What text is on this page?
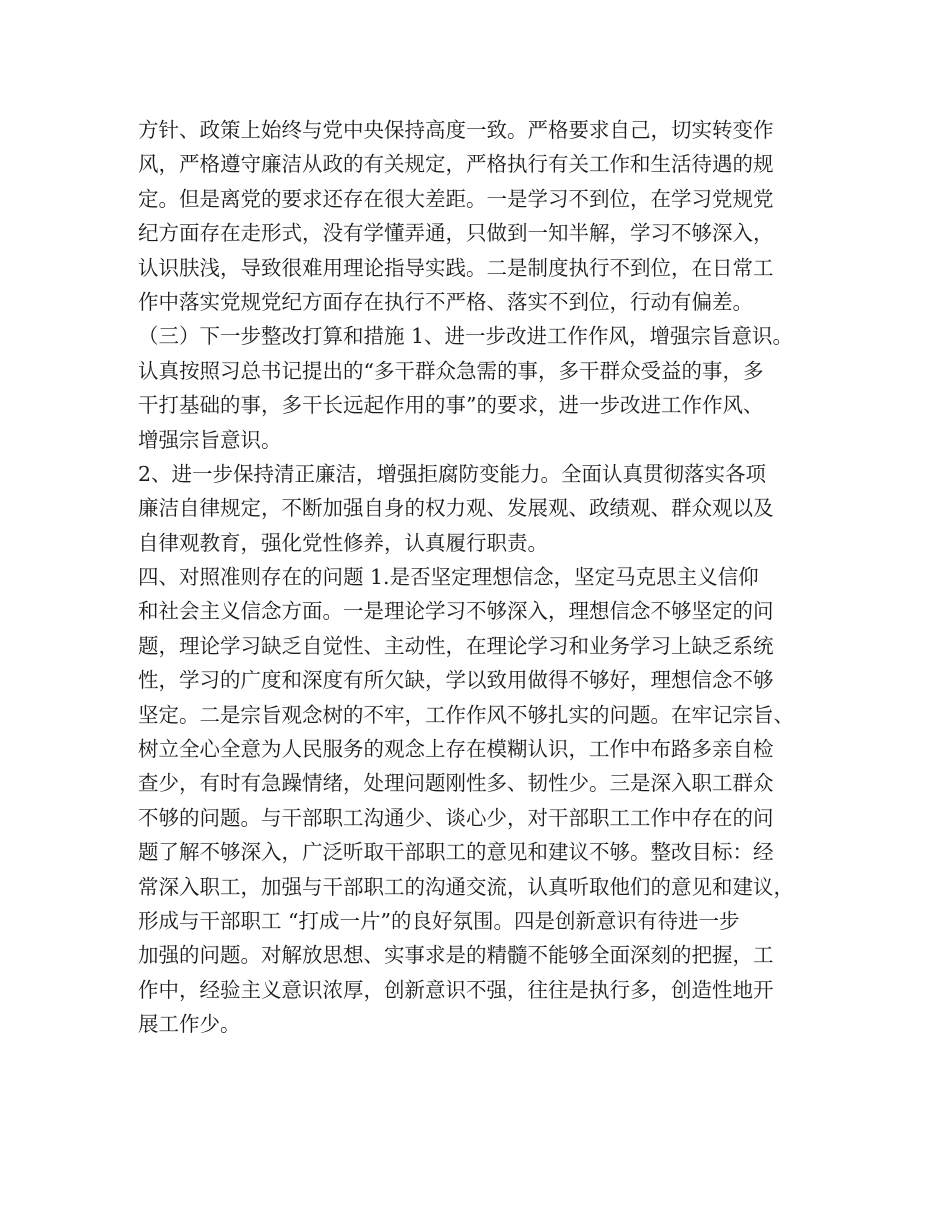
方针、政策上始终与党中央保持高度一致。严格要求自己，切实转变作
风，严格遵守廉洁从政的有关规定，严格执行有关工作和生活待遇的规
定。但是离党的要求还存在很大差距。一是学习不到位，在学习党规党
纪方面存在走形式，没有学懂弄通，只做到一知半解，学习不够深入，
认识肤浅，导致很难用理论指导实践。二是制度执行不到位，在日常工
作中落实党规党纪方面存在执行不严格、落实不到位，行动有偏差。
（三）下一步整改打算和措施 1、进一步改进工作作风，增强宗旨意识。
认真按照习总书记提出的“多干群众急需的事，多干群众受益的事，多
干打基础的事，多干长远起作用的事”的要求，进一步改进工作作风、
增强宗旨意识。
2、进一步保持清正廉洁，增强拒腐防变能力。全面认真贯彻落实各项
廉洁自律规定，不断加强自身的权力观、发展观、政绩观、群众观以及
自律观教育，强化党性修养，认真履行职责。
四、对照准则存在的问题 1.是否坚定理想信念，坚定马克思主义信仰
和社会主义信念方面。一是理论学习不够深入，理想信念不够坚定的问
题，理论学习缺乏自觉性、主动性，在理论学习和业务学习上缺乏系统
性，学习的广度和深度有所欠缺，学以致用做得不够好，理想信念不够
坚定。二是宗旨观念树的不牢，工作作风不够扎实的问题。在牢记宗旨、
树立全心全意为人民服务的观念上存在模糊认识，工作中布路多亲自检
查少，有时有急躁情绪，处理问题刚性多、韧性少。三是深入职工群众
不够的问题。与干部职工沟通少、谈心少，对干部职工工作中存在的问
题了解不够深入，广泛听取干部职工的意见和建议不够。整改目标：经
常深入职工，加强与干部职工的沟通交流，认真听取他们的意见和建议，
形成与干部职工 “打成一片”的良好氛围。四是创新意识有待进一步
加强的问题。对解放思想、实事求是的精髓不能够全面深刻的把握，工
作中，经验主义意识浓厚，创新意识不强，往往是执行多，创造性地开
展工作少。
